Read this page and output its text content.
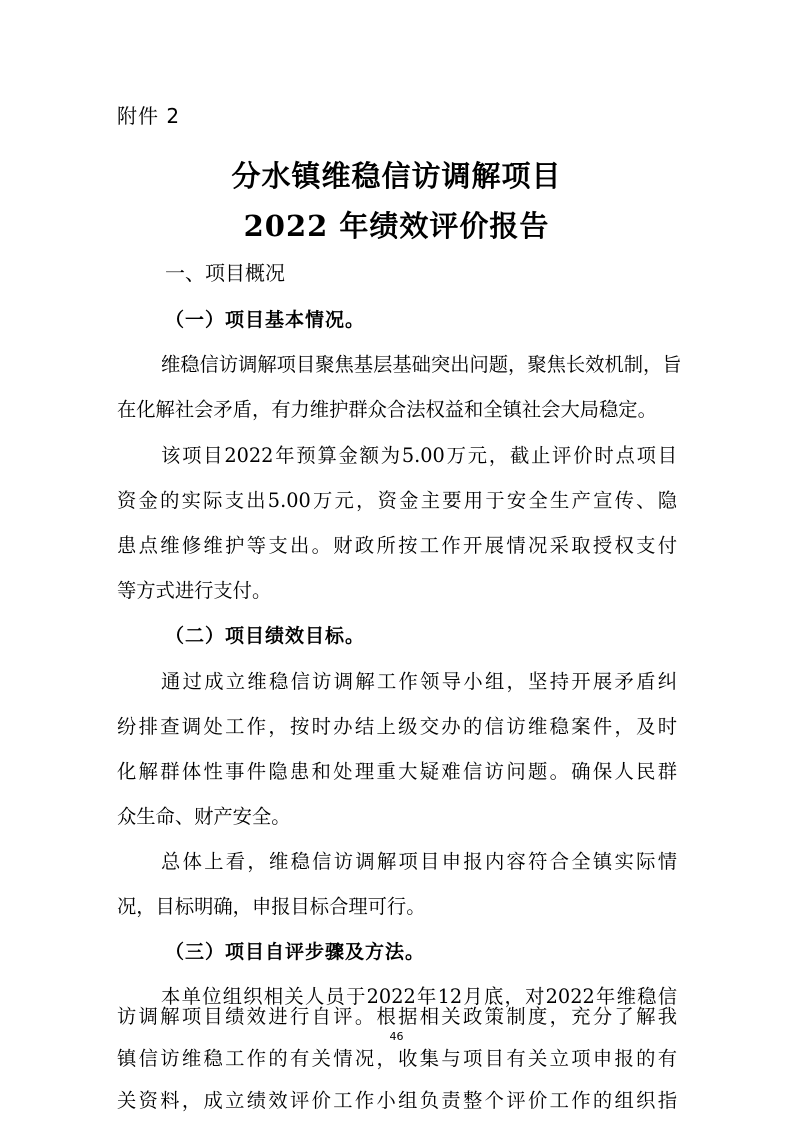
附件 2
分水镇维稳信访调解项目
2022 年绩效评价报告
一、项目概况
（一）项目基本情况。
维稳信访调解项目聚焦基层基础突出问题，聚焦长效机制，旨
在化解社会矛盾，有力维护群众合法权益和全镇社会大局稳定。
该项目2022年预算金额为5.00万元，截止评价时点项目
资金的实际支出5.00万元，资金主要用于安全生产宣传、隐
患点维修维护等支出。财政所按工作开展情况采取授权支付
等方式进行支付。
（二）项目绩效目标。
通过成立维稳信访调解工作领导小组，坚持开展矛盾纠
纷排查调处工作，按时办结上级交办的信访维稳案件，及时
化解群体性事件隐患和处理重大疑难信访问题。确保人民群
众生命、财产安全。
总体上看，维稳信访调解项目申报内容符合全镇实际情
况，目标明确，申报目标合理可行。
（三）项目自评步骤及方法。
本单位组织相关人员于2022年12月底，对2022年维稳信
访调解项目绩效进行自评。根据相关政策制度，充分了解我
镇信访维稳工作的有关情况，收集与项目有关立项申报的有
关资料，成立绩效评价工作小组负责整个评价工作的组织指
46
